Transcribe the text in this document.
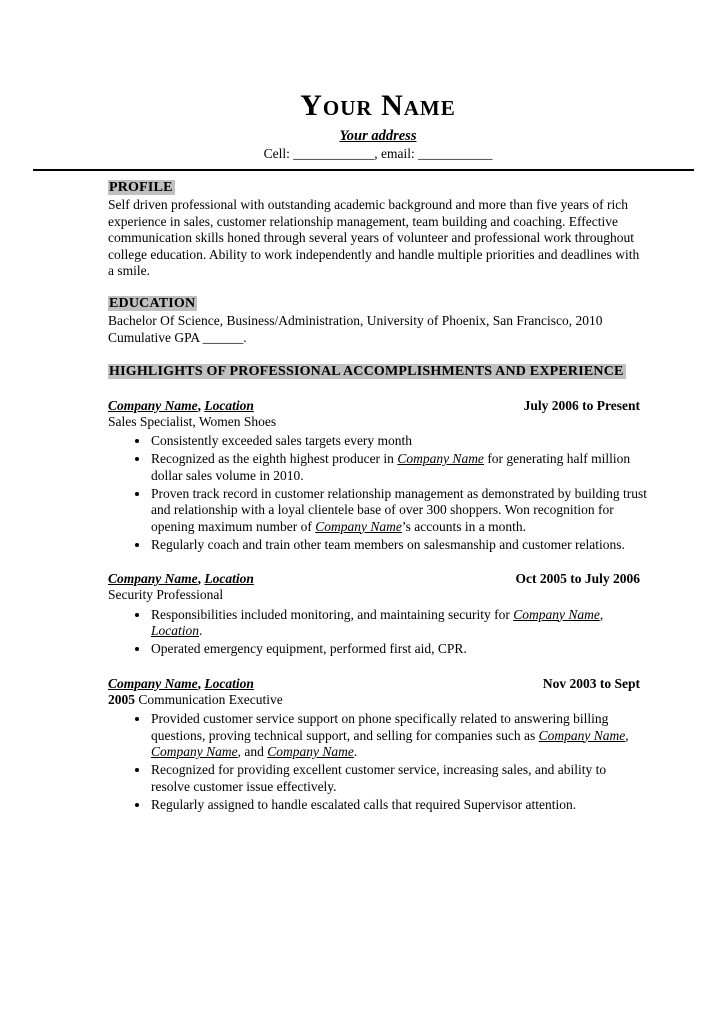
Your Name
Your address
Cell: ____________, email: ___________
PROFILE

Self driven professional with outstanding academic background and more than five years of rich experience in sales, customer relationship management, team building and coaching. Effective communication skills honed through several years of volunteer and professional work throughout college education. Ability to work independently and handle multiple priorities and deadlines with a smile.

EDUCATION

Bachelor Of Science, Business/Administration, University of Phoenix, San Francisco, 2010

Cumulative GPA ______.

HIGHLIGHTS OF PROFESSIONAL ACCOMPLISHMENTS AND EXPERIENCE
Company Name, Location	July 2006 to Present
Sales Specialist, Women Shoes
• Consistently exceeded sales targets every month
• Recognized as the eighth highest producer in Company Name for generating half million dollar sales volume in 2010.
• Proven track record in customer relationship management as demonstrated by building trust and relationship with a loyal clientele base of over 300 shoppers. Won recognition for opening maximum number of Company Name’s accounts in a month.
• Regularly coach and train other team members on salesmanship and customer relations.
Company Name, Location	Oct 2005 to July 2006
Security Professional
• Responsibilities included monitoring, and maintaining security for Company Name, Location.
• Operated emergency equipment, performed first aid, CPR.
Company Name, Location	Nov 2003 to Sept
2005 Communication Executive
• Provided customer service support on phone specifically related to answering billing questions, proving technical support, and selling for companies such as Company Name, Company Name, and Company Name.
• Recognized for providing excellent customer service, increasing sales, and ability to resolve customer issue effectively.
• Regularly assigned to handle escalated calls that required Supervisor attention.
